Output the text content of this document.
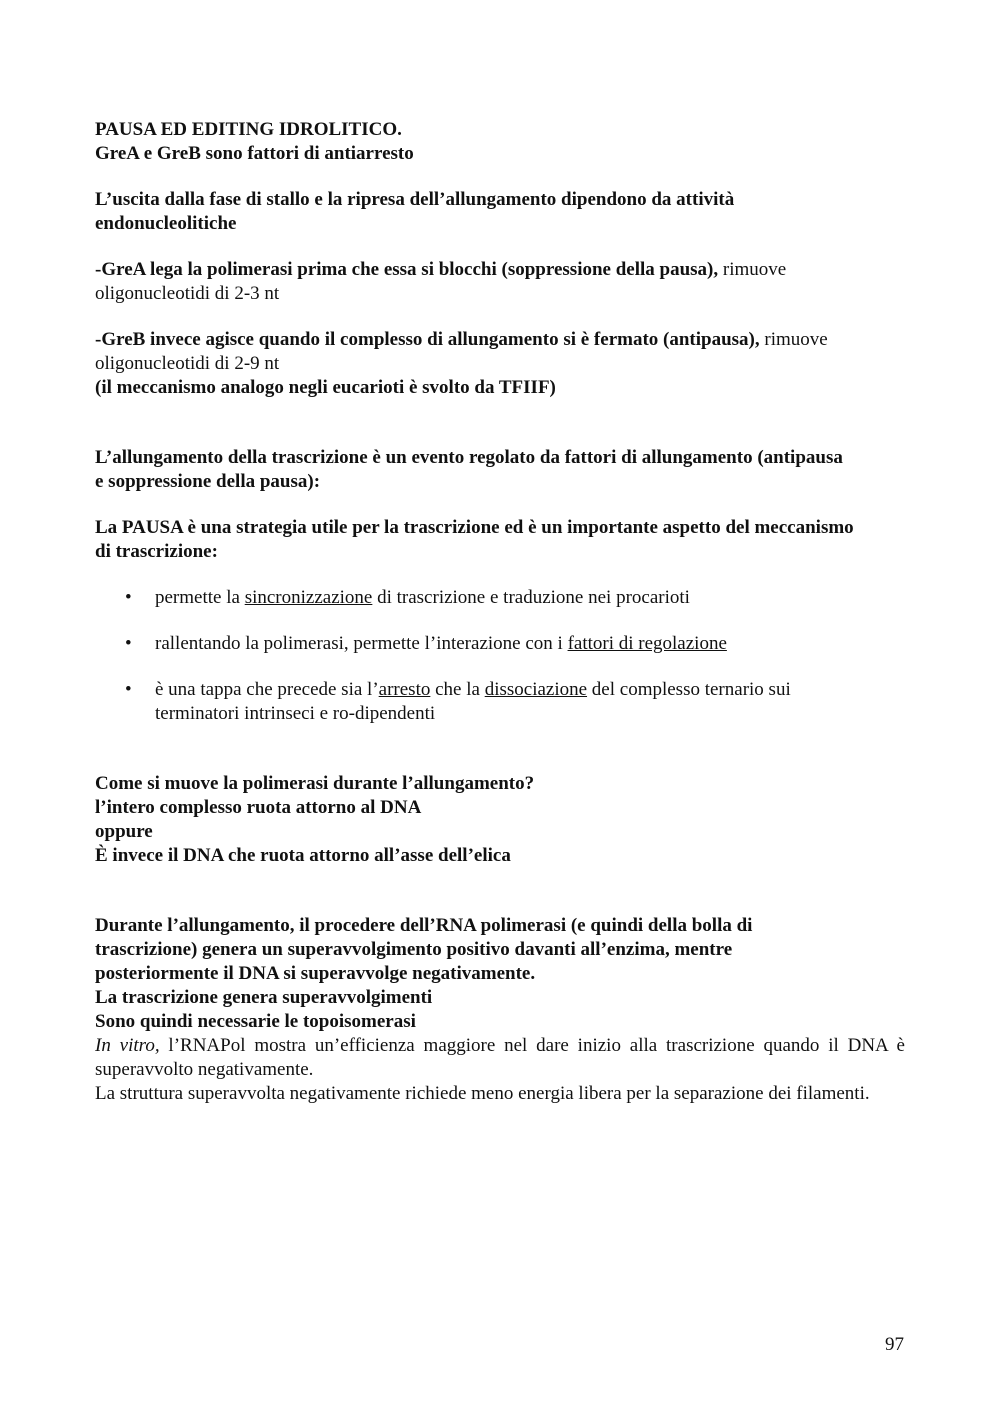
PAUSA ED EDITING IDROLITICO.
GreA e GreB sono fattori di antiarresto
L’uscita dalla fase di stallo e la ripresa dell’allungamento dipendono da attività
endonucleolitiche
-GreA lega la polimerasi prima che essa si blocchi (soppressione della pausa), rimuove
oligonucleotidi di 2-3 nt
-GreB invece agisce quando il complesso di allungamento si è fermato (antipausa), rimuove
oligonucleotidi di 2-9 nt
(il meccanismo analogo negli eucarioti è svolto da TFIIF)
L’allungamento della trascrizione è un evento regolato da fattori di allungamento (antipausa
e soppressione della pausa):
La PAUSA è una strategia utile per la trascrizione ed è un importante aspetto del meccanismo
di trascrizione:
• permette la sincronizzazione di trascrizione e traduzione nei procarioti
• rallentando la polimerasi, permette l’interazione con i fattori di regolazione
• è una tappa che precede sia l’arresto che la dissociazione del complesso ternario sui
terminatori intrinseci e ro-dipendenti
Come si muove la polimerasi durante l’allungamento?
l’intero complesso ruota attorno al DNA
oppure
È invece il DNA che ruota attorno all’asse dell’elica
Durante l’allungamento, il procedere dell’RNA polimerasi (e quindi della bolla di
trascrizione) genera un superavvolgimento positivo davanti all’enzima, mentre
posteriormente il DNA si superavvolge negativamente.
La trascrizione genera superavvolgimenti
Sono quindi necessarie le topoisomerasi
In vitro, l’RNAPol mostra un’efficienza maggiore nel dare inizio alla trascrizione quando il DNA è superavvolto negativamente.
La struttura superavvolta negativamente richiede meno energia libera per la separazione dei filamenti.
97
